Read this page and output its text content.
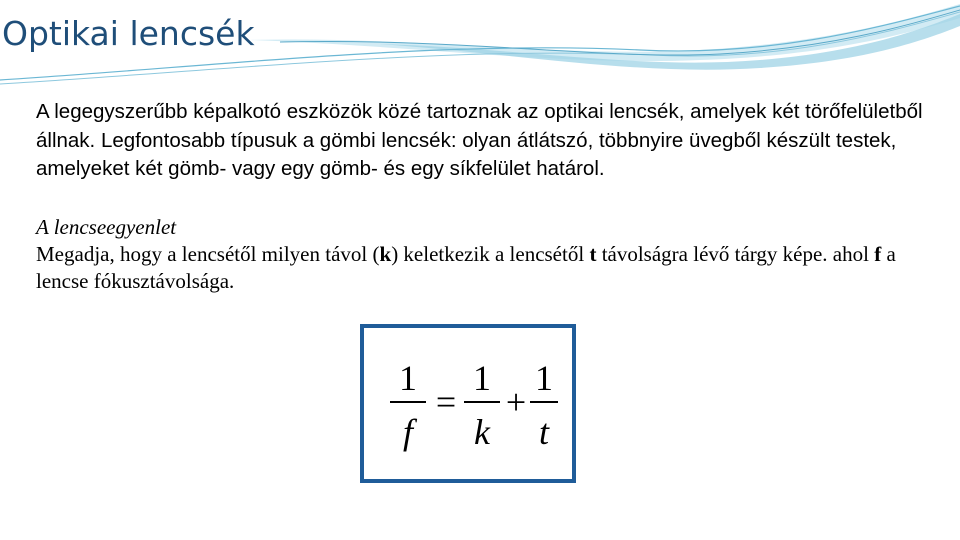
Optikai lencsék
A legegyszerűbb képalkotó eszközök közé tartoznak az optikai lencsék, amelyek két törőfelületből állnak. Legfontosabb típusuk a gömbi lencsék: olyan átlátszó, többnyire üvegből készült testek, amelyeket két gömb- vagy egy gömb- és egy síkfelület határol.
A lencseegyenlet
Megadja, hogy a lencsétől milyen távol (k) keletkezik a lencsétől t távolságra lévő tárgy képe. ahol f a lencse fókusztávolsága.
1
f
=
1
k
+
1
t
